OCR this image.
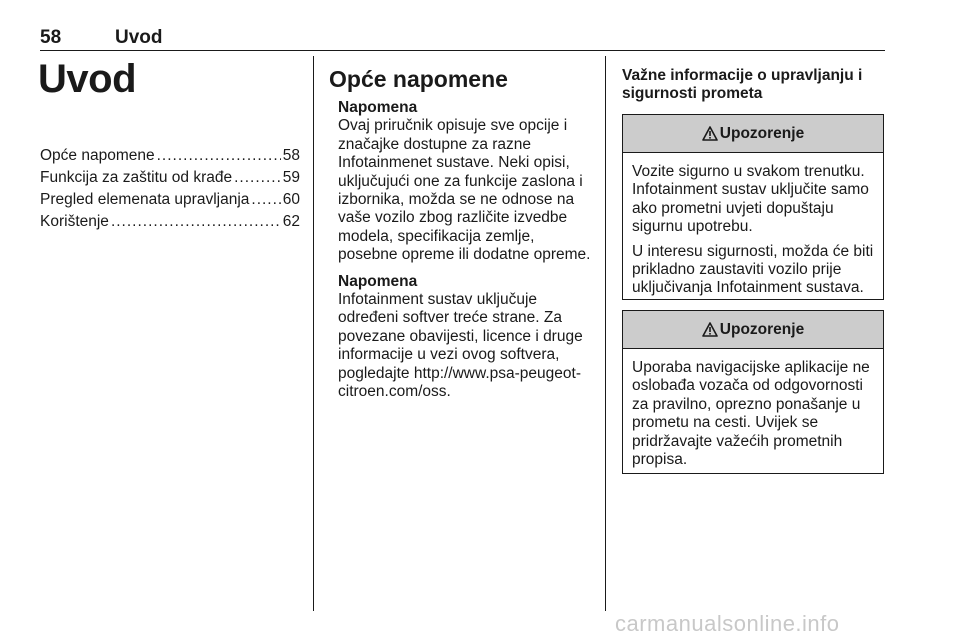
58	Uvod
Uvod
Opće napomene .....	58
Funkcija za zaštitu od krađe .....	59
Pregled elemenata upravljanja ..... 60
Korištenje .....	62
Opće napomene
Napomena
Ovaj priručnik opisuje sve opcije i značajke dostupne za razne Infotainmenet sustave. Neki opisi, uključujući one za funkcije zaslona i izbornika, možda se ne odnose na vaše vozilo zbog različite izvedbe modela, specifikacija zemlje, posebne opreme ili dodatne opreme.
Napomena
Infotainment sustav uključuje određeni softver treće strane. Za povezane obavijesti, licence i druge informacije u vezi ovog softvera, pogledajte http://www.psa-peugeot-citroen.com/oss.
Važne informacije o upravljanju i sigurnosti prometa
Upozorenje

Vozite sigurno u svakom trenutku. Infotainment sustav uključite samo ako prometni uvjeti dopuštaju sigurnu upotrebu.

U interesu sigurnosti, možda će biti prikladno zaustaviti vozilo prije uključivanja Infotainment sustava.

Upozorenje

Uporaba navigacijske aplikacije ne oslobađa vozača od odgovornosti za pravilno, oprezno ponašanje u prometu na cesti. Uvijek se pridržavajte važećih prometnih propisa.

carmanualsonline.info
